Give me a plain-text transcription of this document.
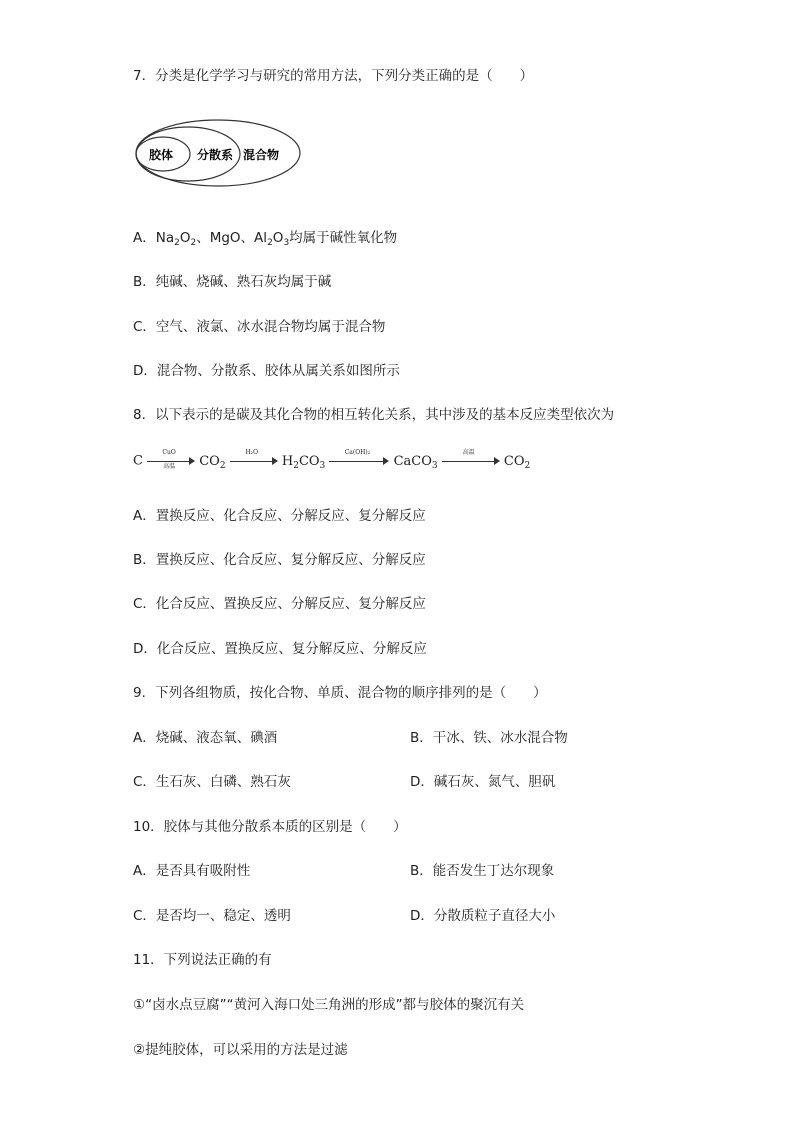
7．分类是化学学习与研究的常用方法，下列分类正确的是（　　）
胶体 分散系 混合物
A．$Na_2O_2$、MgO、$Al_2O_3$均属于碱性氧化物
B．纯碱、烧碱、熟石灰均属于碱
C．空气、液氯、冰水混合物均属于混合物
D．混合物、分散系、胶体从属关系如图所示
8．以下表示的是碳及其化合物的相互转化关系，其中涉及的基本反应类型依次为
C
CuO
高温	$CO_2$
H₂O
$H_2CO_3$
Ca(OH)₂
CaCO$_3$
高温
$CO_2$
A．置换反应、化合反应、分解反应、复分解反应
B．置换反应、化合反应、复分解反应、分解反应
C．化合反应、置换反应、分解反应、复分解反应
D．化合反应、置换反应、复分解反应、分解反应
9．下列各组物质，按化合物、单质、混合物的顺序排列的是（　　）
A．烧碱、液态氧、碘酒	B．干冰、铁、冰水混合物
C．生石灰、白磷、熟石灰	D．碱石灰、氮气、胆矾
10．胶体与其他分散系本质的区别是（　　）
A．是否具有吸附性	B．能否发生丁达尔现象
C．是否均一、稳定、透明	D．分散质粒子直径大小
11．下列说法正确的有
①“卤水点豆腐”“黄河入海口处三角洲的形成”都与胶体的聚沉有关
②提纯胶体，可以采用的方法是过滤
